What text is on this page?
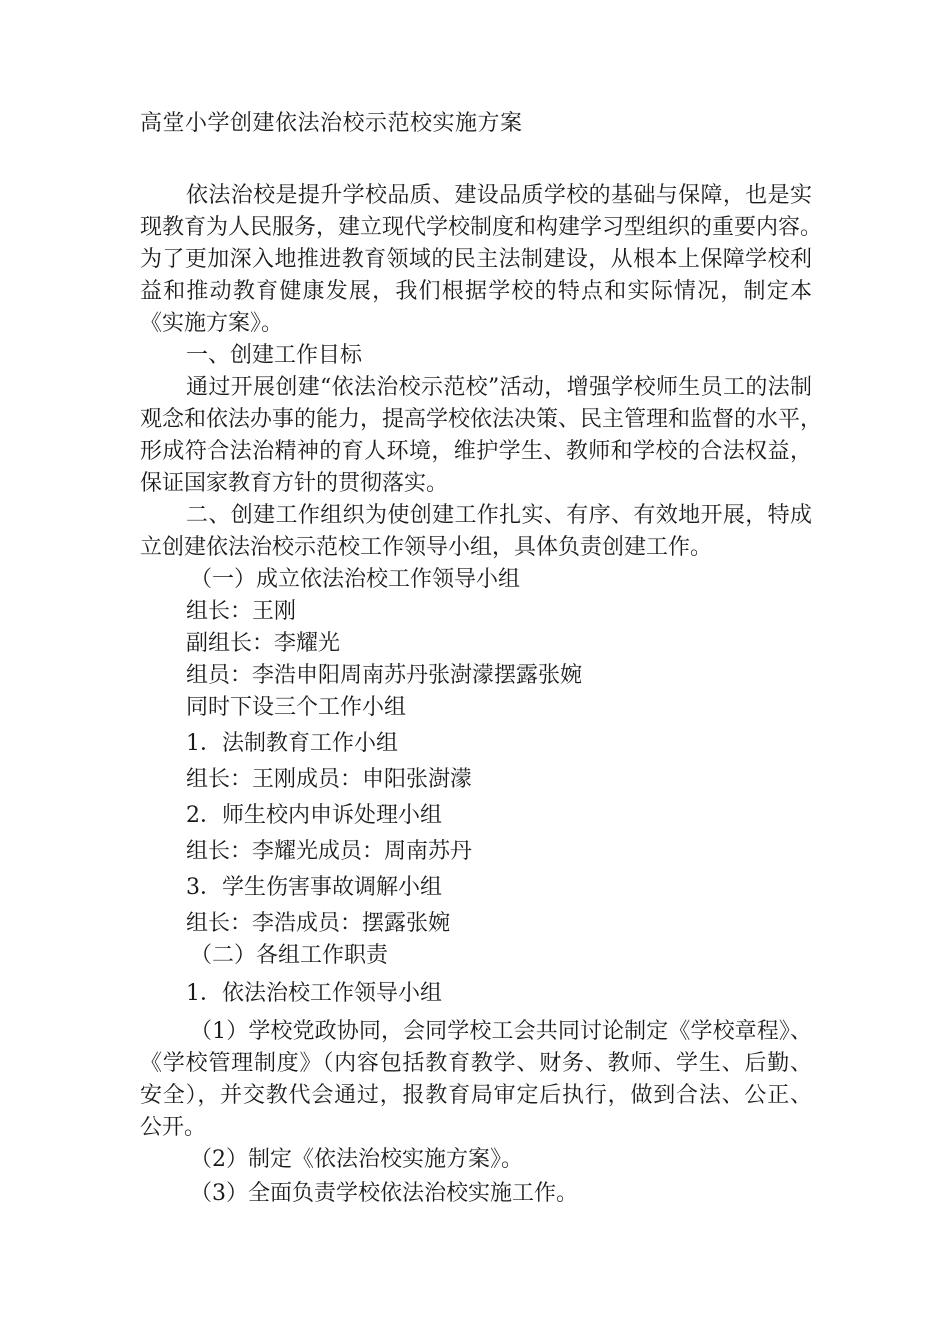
高堂小学创建依法治校示范校实施方案
依法治校是提升学校品质、建设品质学校的基础与保障，也是实
现教育为人民服务，建立现代学校制度和构建学习型组织的重要内容。
为了更加深入地推进教育领域的民主法制建设，从根本上保障学校利
益和推动教育健康发展，我们根据学校的特点和实际情况，制定本
《实施方案》。
一、创建工作目标
通过开展创建“依法治校示范校”活动，增强学校师生员工的法制
观念和依法办事的能力，提高学校依法决策、民主管理和监督的水平，
形成符合法治精神的育人环境，维护学生、教师和学校的合法权益，
保证国家教育方针的贯彻落实。
二、创建工作组织为使创建工作扎实、有序、有效地开展，特成
立创建依法治校示范校工作领导小组，具体负责创建工作。
（一）成立依法治校工作领导小组
组长：王刚
副组长：李耀光
组员：李浩申阳周南苏丹张澍濛摆露张婉
同时下设三个工作小组
1．法制教育工作小组
组长：王刚成员：申阳张澍濛
2．师生校内申诉处理小组
组长：李耀光成员：周南苏丹
3．学生伤害事故调解小组
组长：李浩成员：摆露张婉
（二）各组工作职责
1．依法治校工作领导小组
（1）学校党政协同，会同学校工会共同讨论制定《学校章程》、
《学校管理制度》（内容包括教育教学、财务、教师、学生、后勤、
安全），并交教代会通过，报教育局审定后执行，做到合法、公正、
公开。
（2）制定《依法治校实施方案》。
（3）全面负责学校依法治校实施工作。
